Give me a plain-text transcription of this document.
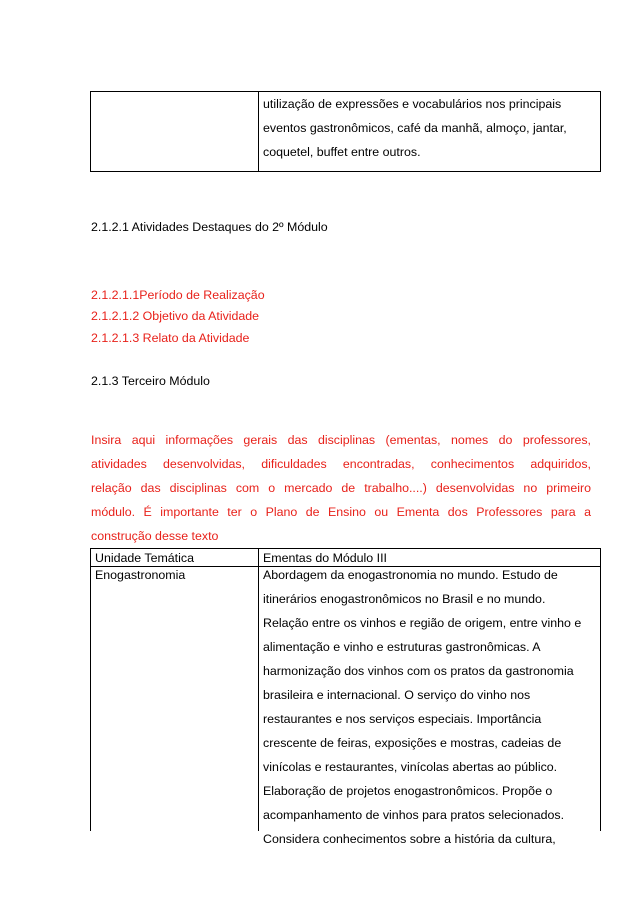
utilização de expressões e vocabulários nos principais
eventos gastronômicos, café da manhã, almoço, jantar,
coquetel, buffet entre outros.
2.1.2.1 Atividades Destaques do 2º Módulo
2.1.2.1.1Período de Realização
2.1.2.1.2 Objetivo da Atividade
2.1.2.1.3 Relato da Atividade
2.1.3 Terceiro Módulo
Insira aqui informações gerais das disciplinas (ementas, nomes do professores,
atividades desenvolvidas, dificuldades encontradas, conhecimentos adquiridos,
relação das disciplinas com o mercado de trabalho....) desenvolvidas no primeiro
módulo. É importante ter o Plano de Ensino ou Ementa dos Professores para a
construção desse texto
Unidade Temática	Ementas do Módulo III
Enogastronomia	Abordagem da enogastronomia no mundo. Estudo de
itinerários enogastronômicos no Brasil e no mundo.
Relação entre os vinhos e região de origem, entre vinho e
alimentação e vinho e estruturas gastronômicas. A
harmonização dos vinhos com os pratos da gastronomia
brasileira e internacional. O serviço do vinho nos
restaurantes e nos serviços especiais. Importância
crescente de feiras, exposições e mostras, cadeias de
vinícolas e restaurantes, vinícolas abertas ao público.
Elaboração de projetos enogastronômicos. Propõe o
acompanhamento de vinhos para pratos selecionados.
Considera conhecimentos sobre a história da cultura,
